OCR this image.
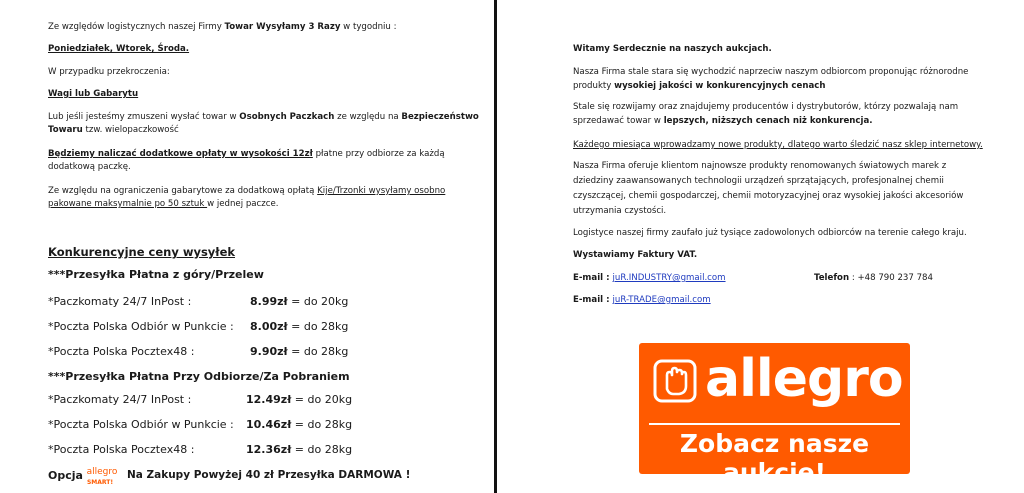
Ze względów logistycznych naszej Firmy Towar Wysyłamy 3 Razy w tygodniu :
Poniedziałek, Wtorek, Środa.
W przypadku przekroczenia:
Wagi lub Gabarytu
Lub jeśli jesteśmy zmuszeni wysłać towar w Osobnych Paczkach ze względu na Bezpieczeństwo
Towaru tzw. wielopaczkowość
Będziemy naliczać dodatkowe opłaty w wysokości 12zł płatne przy odbiorze za każdą
dodatkową paczkę.
Ze względu na ograniczenia gabarytowe za dodatkową opłatą Kije/Trzonki wysyłamy osobno
pakowane maksymalnie po 50 sztuk w jednej paczce.
Konkurencyjne ceny wysyłek
***Przesyłka Płatna z góry/Przelew
*Paczkomaty 24/7 InPost :	8.99zł = do 20kg
*Poczta Polska Odbiór w Punkcie : 8.00zł = do 28kg
*Poczta Polska Pocztex48 :	9.90zł = do 28kg
***Przesyłka Płatna Przy Odbiorze/Za Pobraniem
*Paczkomaty 24/7 InPost :	12.49zł = do 20kg
*Poczta Polska Odbiór w Punkcie : 10.46zł = do 28kg
*Poczta Polska Pocztex48 :	12.36zł = do 28kg
Opcja allegro
SMART!
Na Zakupy Powyżej 40 zł Przesyłka DARMOWA !
Witamy Serdecznie na naszych aukcjach.
Nasza Firma stale stara się wychodzić naprzeciw naszym odbiorcom proponując różnorodne
produkty wysokiej jakości w konkurencyjnych cenach
Stale się rozwijamy oraz znajdujemy producentów i dystrybutorów, którzy pozwalają nam
sprzedawać towar w lepszych, niższych cenach niż konkurencja.
Każdego miesiąca wprowadzamy nowe produkty, dlatego warto śledzić nasz sklep internetowy.
Nasza Firma oferuje klientom najnowsze produkty renomowanych światowych marek z
dziedziny zaawansowanych technologii urządzeń sprzątających, profesjonalnej chemii
czyszczącej, chemii gospodarczej, chemii motoryzacyjnej oraz wysokiej jakości akcesoriów
utrzymania czystości.
Logistyce naszej firmy zaufało już tysiące zadowolonych odbiorców na terenie całego kraju.
Wystawiamy Faktury VAT.
E-mail : juR.INDUSTRY@gmail.com	Telefon : +48 790 237 784
E-mail : juR-TRADE@gmail.com
allegro
Zobacz nasze aukcje!
